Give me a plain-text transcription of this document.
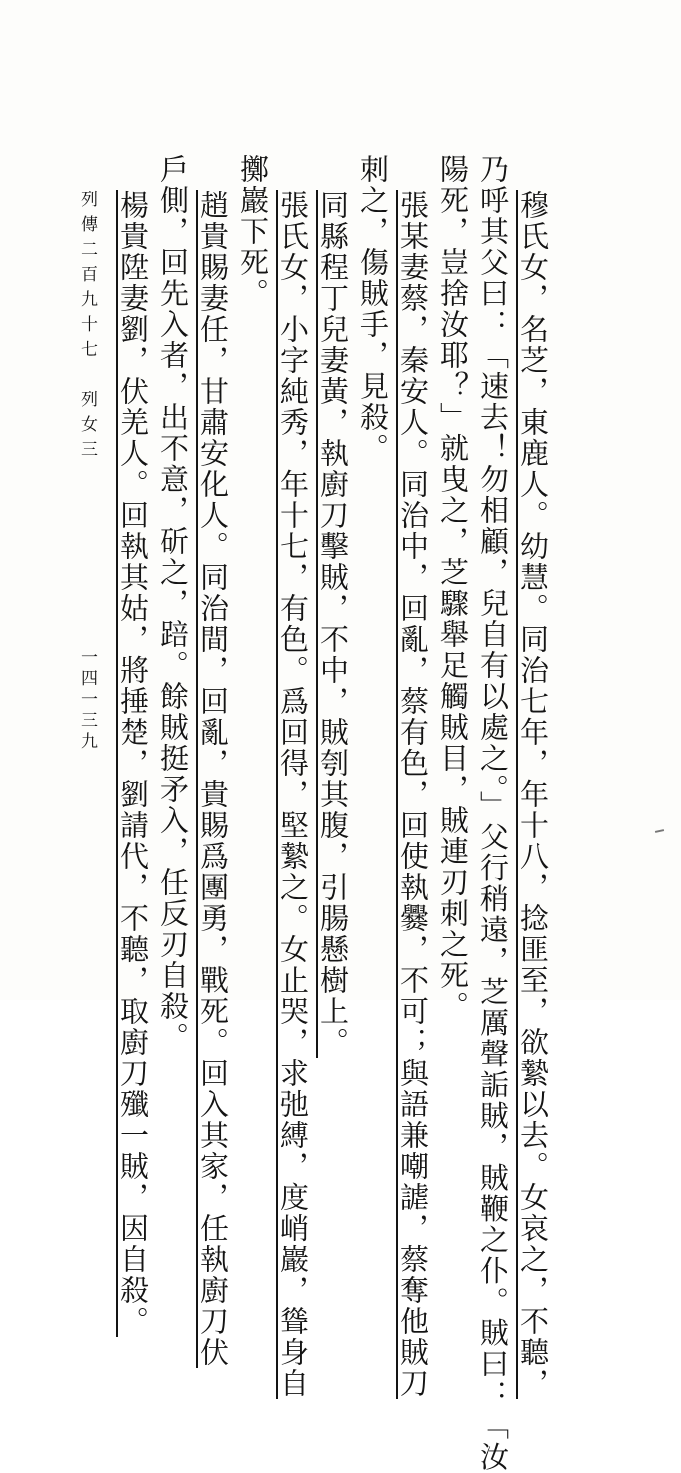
穆氏女，名芝，東鹿人。幼慧。同治七年，年十八，捻匪至，欲縶以去。女哀之，不聽，
乃呼其父曰：「速去！勿相顧，兒自有以處之。」父行稍遠，芝厲聲詬賊，賊鞭之仆。賊曰：「汝
陽死，豈捨汝耶？」就曳之，芝驟舉足觸賊目，賊連刃刺之死。
張某妻蔡，秦安人。同治中，回亂，蔡有色，回使執爨，不可；與語兼嘲謔，蔡奪他賊刀
刺之，傷賊手，見殺。
同縣程丁兒妻黃，執廚刀擊賊，不中，賊刳其腹，引腸懸樹上。
張氏女，小字純秀，年十七，有色。爲回得，堅縶之。女止哭，求弛縛，度峭巖，聳身自
擲巖下死。
趙貴賜妻任，甘肅安化人。同治間，回亂，貴賜爲團勇，戰死。回入其家，任執廚刀伏
戶側，回先入者，出不意，斫之，踣。餘賊挺矛入，任反刃自殺。
楊貴陞妻劉，伏羌人。回執其姑，將捶楚，劉請代，不聽，取廚刀殲一賊，因自殺。
列傳二百九十七　列女三
一四一三九
